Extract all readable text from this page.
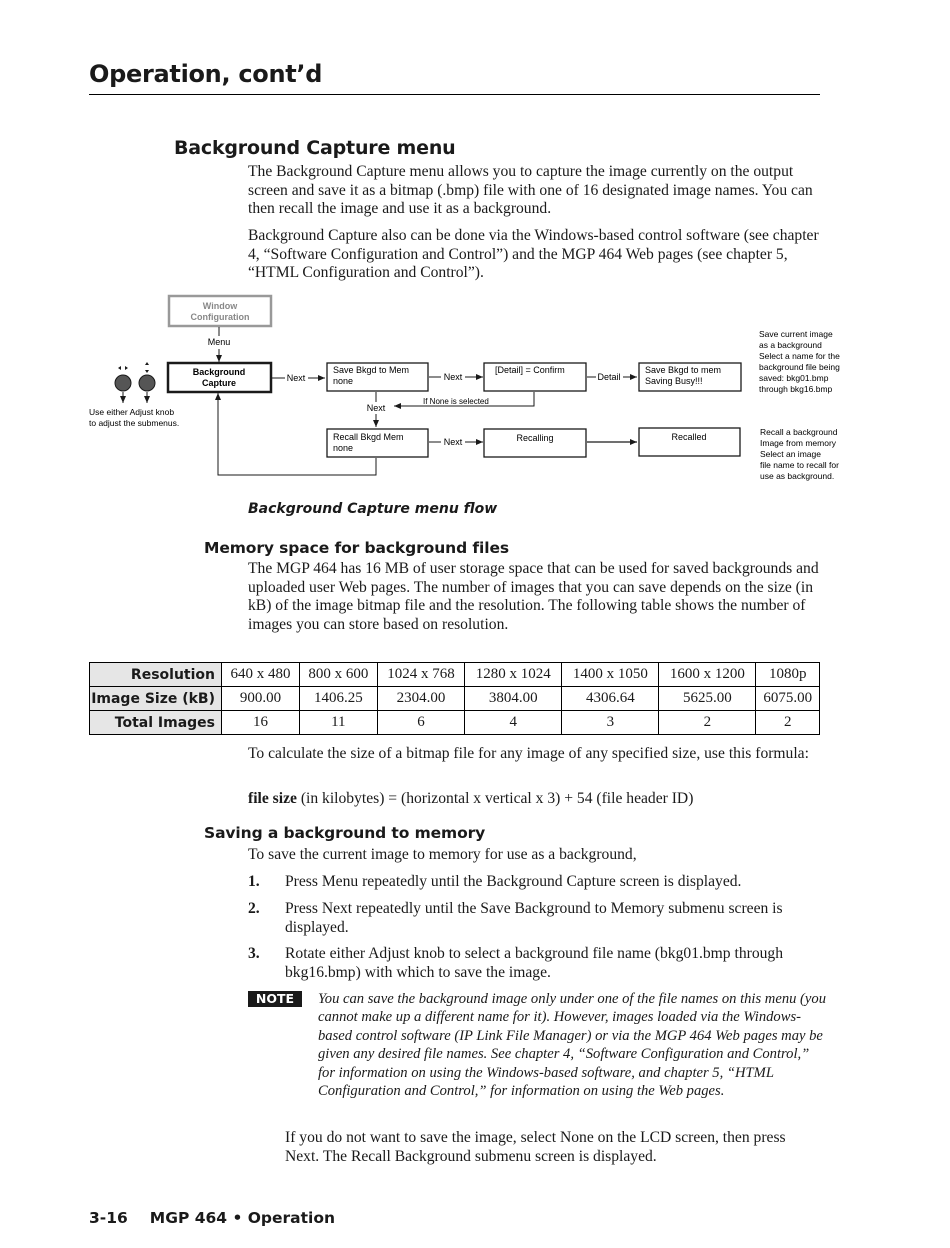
Operation, cont’d
Background Capture menu
The Background Capture menu allows you to capture the image currently on the output screen and save it as a bitmap (.bmp) file with one of 16 designated image names. You can then recall the image and use it as a background.
Background Capture also can be done via the Windows-based control software (see chapter 4, “Software Configuration and Control”) and the MGP 464 Web pages (see chapter 5, “HTML Configuration and Control”).
Window
Configuration
Menu
Background
Capture
Use either Adjust knob
to adjust the submenus.
Next
Save Bkgd to Mem
none	Next
[Detail] = Confirm
Detail
Save Bkgd to mem
Saving Busy!!!
If None is selected
Next
Recall Bkgd Mem
none
Next	Recalling	Recalled
Save current image
as a background
Select a name for the
background file being
saved: bkg01.bmp
through bkg16.bmp
Recall a background
Image from memory
Select an image
file name to recall for
use as background.
Background Capture menu flow
Memory space for background files
The MGP 464 has 16 MB of user storage space that can be used for saved backgrounds and uploaded user Web pages. The number of images that you can save depends on the size (in kB) of the image bitmap file and the resolution. The following table shows the number of images you can store based on resolution.
Resolution	640 x 480	800 x 600	1024 x 768	1280 x 1024	1400 x 1050	1600 x 1200	1080p
Image Size (kB)	900.00	1406.25	2304.00	3804.00	4306.64	5625.00	6075.00
Total Images	16	11	6	4	3	2	2
To calculate the size of a bitmap file for any image of any specified size, use this formula:
file size (in kilobytes) = (horizontal x vertical x 3) + 54 (file header ID)
Saving a background to memory
To save the current image to memory for use as a background,
1. Press Menu repeatedly until the Background Capture screen is displayed.
2. Press Next repeatedly until the Save Background to Memory submenu screen is displayed.
3. Rotate either Adjust knob to select a background file name (bkg01.bmp through bkg16.bmp) with which to save the image.
NOTE	You can save the background image only under one of the file names on this menu (you cannot make up a different name for it). However, images loaded via the Windows-based control software (IP Link File Manager) or via the MGP 464 Web pages may be given any desired file names. See chapter 4, “Software Configuration and Control,” for information on using the Windows-based software, and chapter 5, “HTML Configuration and Control,” for information on using the Web pages.
If you do not want to save the image, select None on the LCD screen, then press Next. The Recall Background submenu screen is displayed.
3-16 MGP 464 • Operation
